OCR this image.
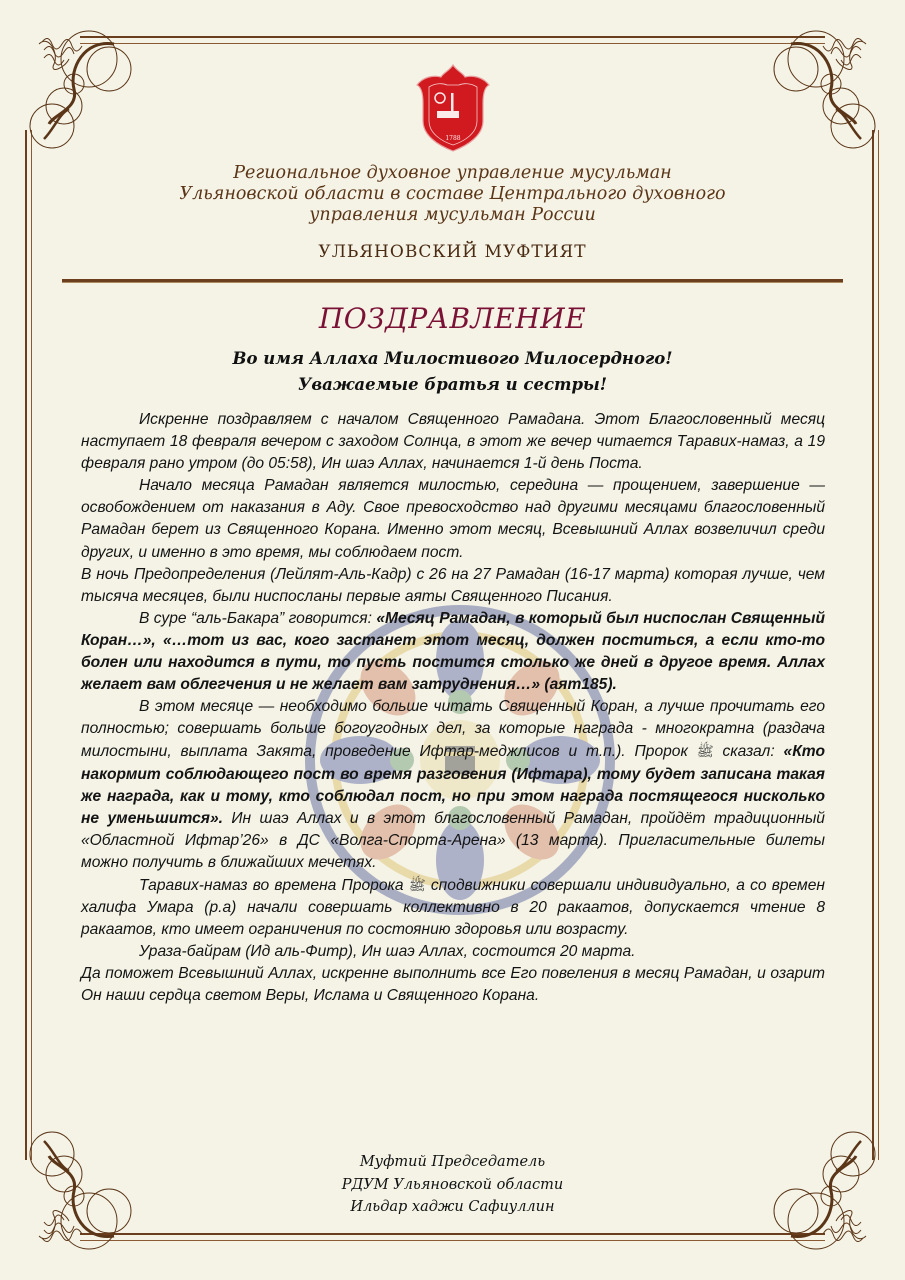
1788
Региональное духовное управление мусульман
Ульяновской области в составе Центрального духовного
управления мусульман России
УЛЬЯНОВСКИЙ МУФТИЯТ
ПОЗДРАВЛЕНИЕ
Во имя Аллаха Милостивого Милосердного!
Уважаемые братья и сестры!

Искренне поздравляем с началом Священного Рамадана. Этот Благословенный месяц наступает 18 февраля вечером с заходом Солнца, в этот же вечер читается Таравих-намаз, а 19 февраля рано утром (до 05:58), Ин шаэ Аллах, начинается 1-й день Поста.

Начало месяца Рамадан является милостью, середина — прощением, завершение — освобождением от наказания в Аду. Свое превосходство над другими месяцами благословенный Рамадан берет из Священного Корана. Именно этот месяц, Всевышний Аллах возвеличил среди других, и именно в это время, мы соблюдаем пост.

В ночь Предопределения (Лейлят-Аль-Кадр) с 26 на 27 Рамадан (16-17 марта) которая лучше, чем тысяча месяцев, были ниспосланы первые аяты Священного Писания.

В суре “аль-Бакара” говорится: «Месяц Рамадан, в который был ниспослан Священный Коран…», «…тот из вас, кого застанет этот месяц, должен поститься, а если кто-то болен или находится в пути, то пусть постится столько же дней в другое время. Аллах желает вам облегчения и не желает вам затруднения…» (аят185).

В этом месяце — необходимо больше читать Священный Коран, а лучше прочитать его полностью; совершать больше богоугодных дел, за которые награда - многократна (раздача милостыни, выплата Закята, проведение Ифтар-меджлисов и т.п.). Пророк ﷺ сказал: «Кто накормит соблюдающего пост во время разговения (Ифтара), тому будет записана такая же награда, как и тому, кто соблюдал пост, но при этом награда постящегося нисколько не уменьшится». Ин шаэ Аллах и в этот благословенный Рамадан, пройдёт традиционный «Областной Ифтар’26» в ДС «Волга-Спорта-Арена» (13 марта). Пригласительные билеты можно получить в ближайших мечетях.

Таравих-намаз во времена Пророка ﷺ сподвижники совершали индивидуально, а со времен халифа Умара (р.а) начали совершать коллективно в 20 ракаатов, допускается чтение 8 ракаатов, кто имеет ограничения по состоянию здоровья или возрасту.

Ураза-байрам (Ид аль-Фитр), Ин шаэ Аллах, состоится 20 марта.

Да поможет Всевышний Аллах, искренне выполнить все Его повеления в месяц Рамадан, и озарит Он наши сердца светом Веры, Ислама и Священного Корана.

Муфтий Председатель
РДУМ Ульяновской области
Ильдар хаджи Сафиуллин
